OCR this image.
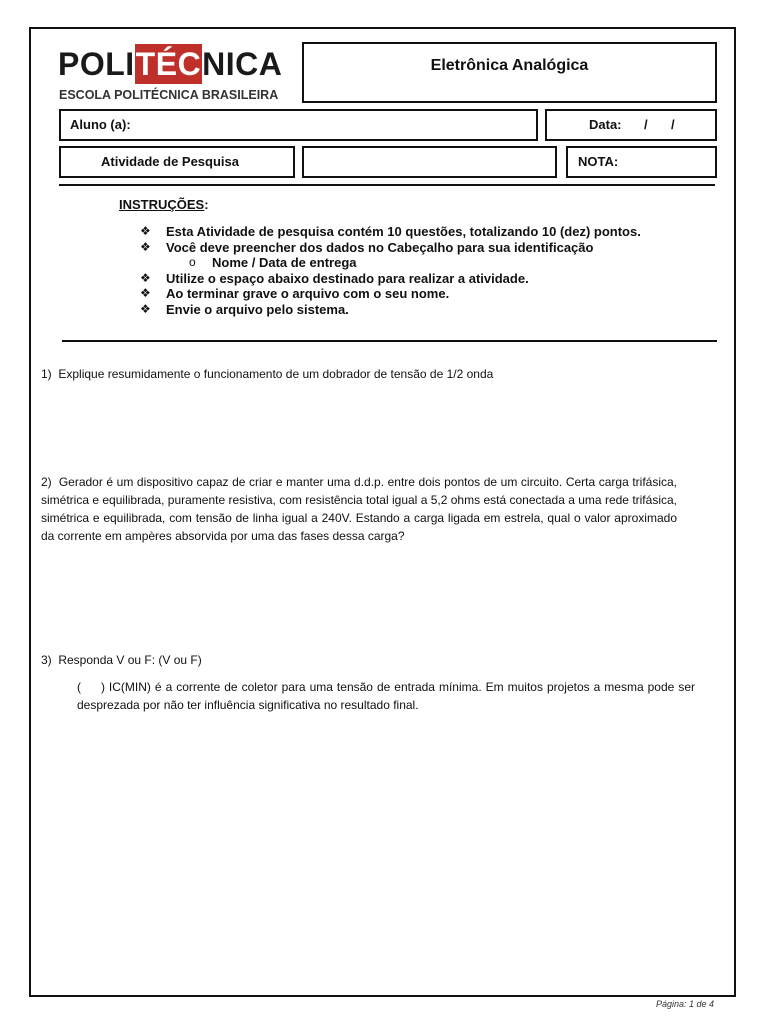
POLI TÉC NICA
ESCOLA POLITÉCNICA BRASILEIRA
Eletrônica Analógica
Aluno (a):	Data: / /
Atividade de Pesquisa	NOTA:
INSTRUÇÕES:
❖ Esta Atividade de pesquisa contém 10 questões, totalizando 10 (dez) pontos.
❖ Você deve preencher dos dados no Cabeçalho para sua identificação
o Nome / Data de entrega
❖ Utilize o espaço abaixo destinado para realizar a atividade.
❖ Ao terminar grave o arquivo com o seu nome.
❖ Envie o arquivo pelo sistema.
1) Explique resumidamente o funcionamento de um dobrador de tensão de 1/2 onda
2) Gerador é um dispositivo capaz de criar e manter uma d.d.p. entre dois pontos de um circuito. Certa carga trifásica, simétrica e equilibrada, puramente resistiva, com resistência total igual a 5,2 ohms está conectada a uma rede trifásica, simétrica e equilibrada, com tensão de linha igual a 240V. Estando a carga ligada em estrela, qual o valor aproximado da corrente em ampères absorvida por uma das fases dessa carga?
3) Responda V ou F: (V ou F)
(     ) IC(MIN) é a corrente de coletor para uma tensão de entrada mínima. Em muitos projetos a mesma pode ser desprezada por não ter influência significativa no resultado final.
Página: 1 de 4
